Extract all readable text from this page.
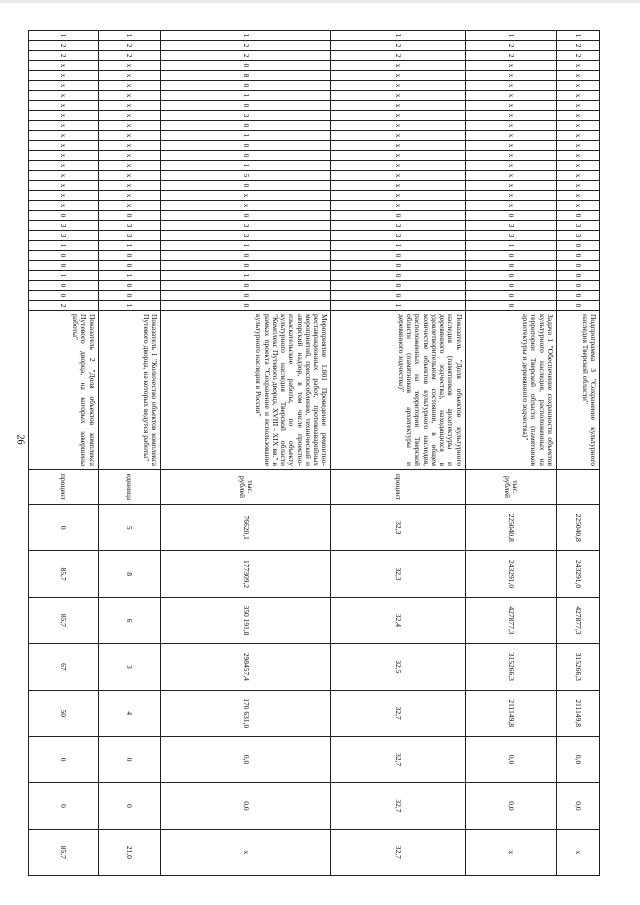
26
1	2	2	x	x	x	x	x	x	x	x	x	x	x	x	x	x	x	0	3	3	0	0	0	0	0	0	0	Подпрограмма 3 "Сохранение культурного наследия Тверской области"		225040,8	243291,0	427877,3	315266,3	211149,8	0,0	0,0	x
1	2	2	x	x	x	x	x	x	x	x	x	x	x	x	x	x	x	0	3	3	1	0	0	0	0	0	0	Задача 1 "Обеспечение сохранности объектов культурного наследия, расположенных на территории Тверской области (памятников архитектуры и деревянного зодчества)"	тыс. рублей	225040,8	243291,0	427877,3	315266,3	211149,8	0,0	0,0	x
1	2	2	x	x	x	x	x	x	x	x	x	x	x	x	x	x	x	0	3	3	1	0	0	0	0	0	1	Показатель "Доля объектов культурного наследия (памятников архитектуры и деревянного зодчества), находящихся в удовлетворительном состоянии, в общем количестве объектов культурного наследия, расположенных на территории Тверской области (памятников архитектуры и деревянного зодчества)"	процент	32,3	32,3	32,4	32,5	32,7	32,7	32,7	32,7
1	2	2	0	8	0	1	0	3	0	1	0	0	1	5	0	x	x	0	3	3	1	0	0	1	0	0	0	Мероприятие 1.001 Проведение ремонтно-реставрационных работ, противоаварийных мероприятий, приспособление, технический и авторский надзор, в том числе проектно-изыскательские работы, по объекту культурного наследия Тверской области "Комплекс Путевого дворца, XVIII - XIX вв." в рамках проекта "Сохранение и использование культурного наследия в России"	тыс. рублей	76620,1	177309,2	350 191,8	298457,4	170 631,0	0,0	0,0	x
1	2	2	x	x	x	x	x	x	x	x	x	x	x	x	x	x	x	0	3	3	1	0	0	1	0	0	1	Показатель 1 "Количество объектов комплекса Путевого дворца, на которых ведутся работы"	единица	5	8	6	3	4	0	0	21,0
1	2	2	x	x	x	x	x	x	x	x	x	x	x	x	x	x	x	0	3	3	1	0	0	1	0	0	2	Показатель 2 "Доля объектов комплекса Путевого дворца, на которых завершены работы"	процент	0	85,7	85,7	67	50	0	0	85,7
